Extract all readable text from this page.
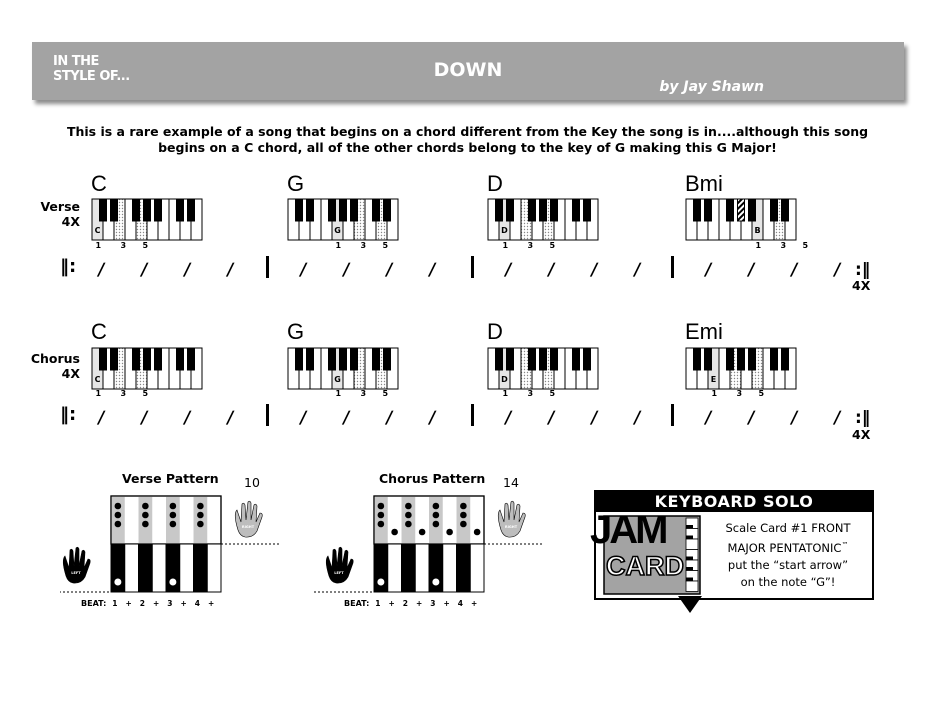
IN THE
STYLE OF...	DOWN
by Jay Shawn
This is a rare example of a song that begins on a chord different from the Key the song is in....although this song
begins on a C chord, all of the other chords belong to the key of G making this G Major!
Verse
4X
C
C
1 3 5
G
G
1 3 5
D
D
1 3 5
Bmi
B
1 3 5
‖: / / / /	/ / / /	/ / / /	/ / / / :‖
4X
Chorus
4X
C
C
1 3 5
G
G
1 3 5
D
D
1 3 5
Emi
E
1 3 5
‖: / / / /	/ / / /	/ / / /	/ / / / :‖
4X
Verse Pattern 10	Chorus Pattern 14
LEFT
RIGHT
BEAT: 1 + 2 + 3 + 4 +
LEFT
RIGHT
BEAT: 1 + 2 + 3 + 4 +
KEYBOARD SOLO
JAM
CARD
Scale Card #1 FRONT
MAJOR PENTATONIC™
put the “start arrow”
on the note “G”!
